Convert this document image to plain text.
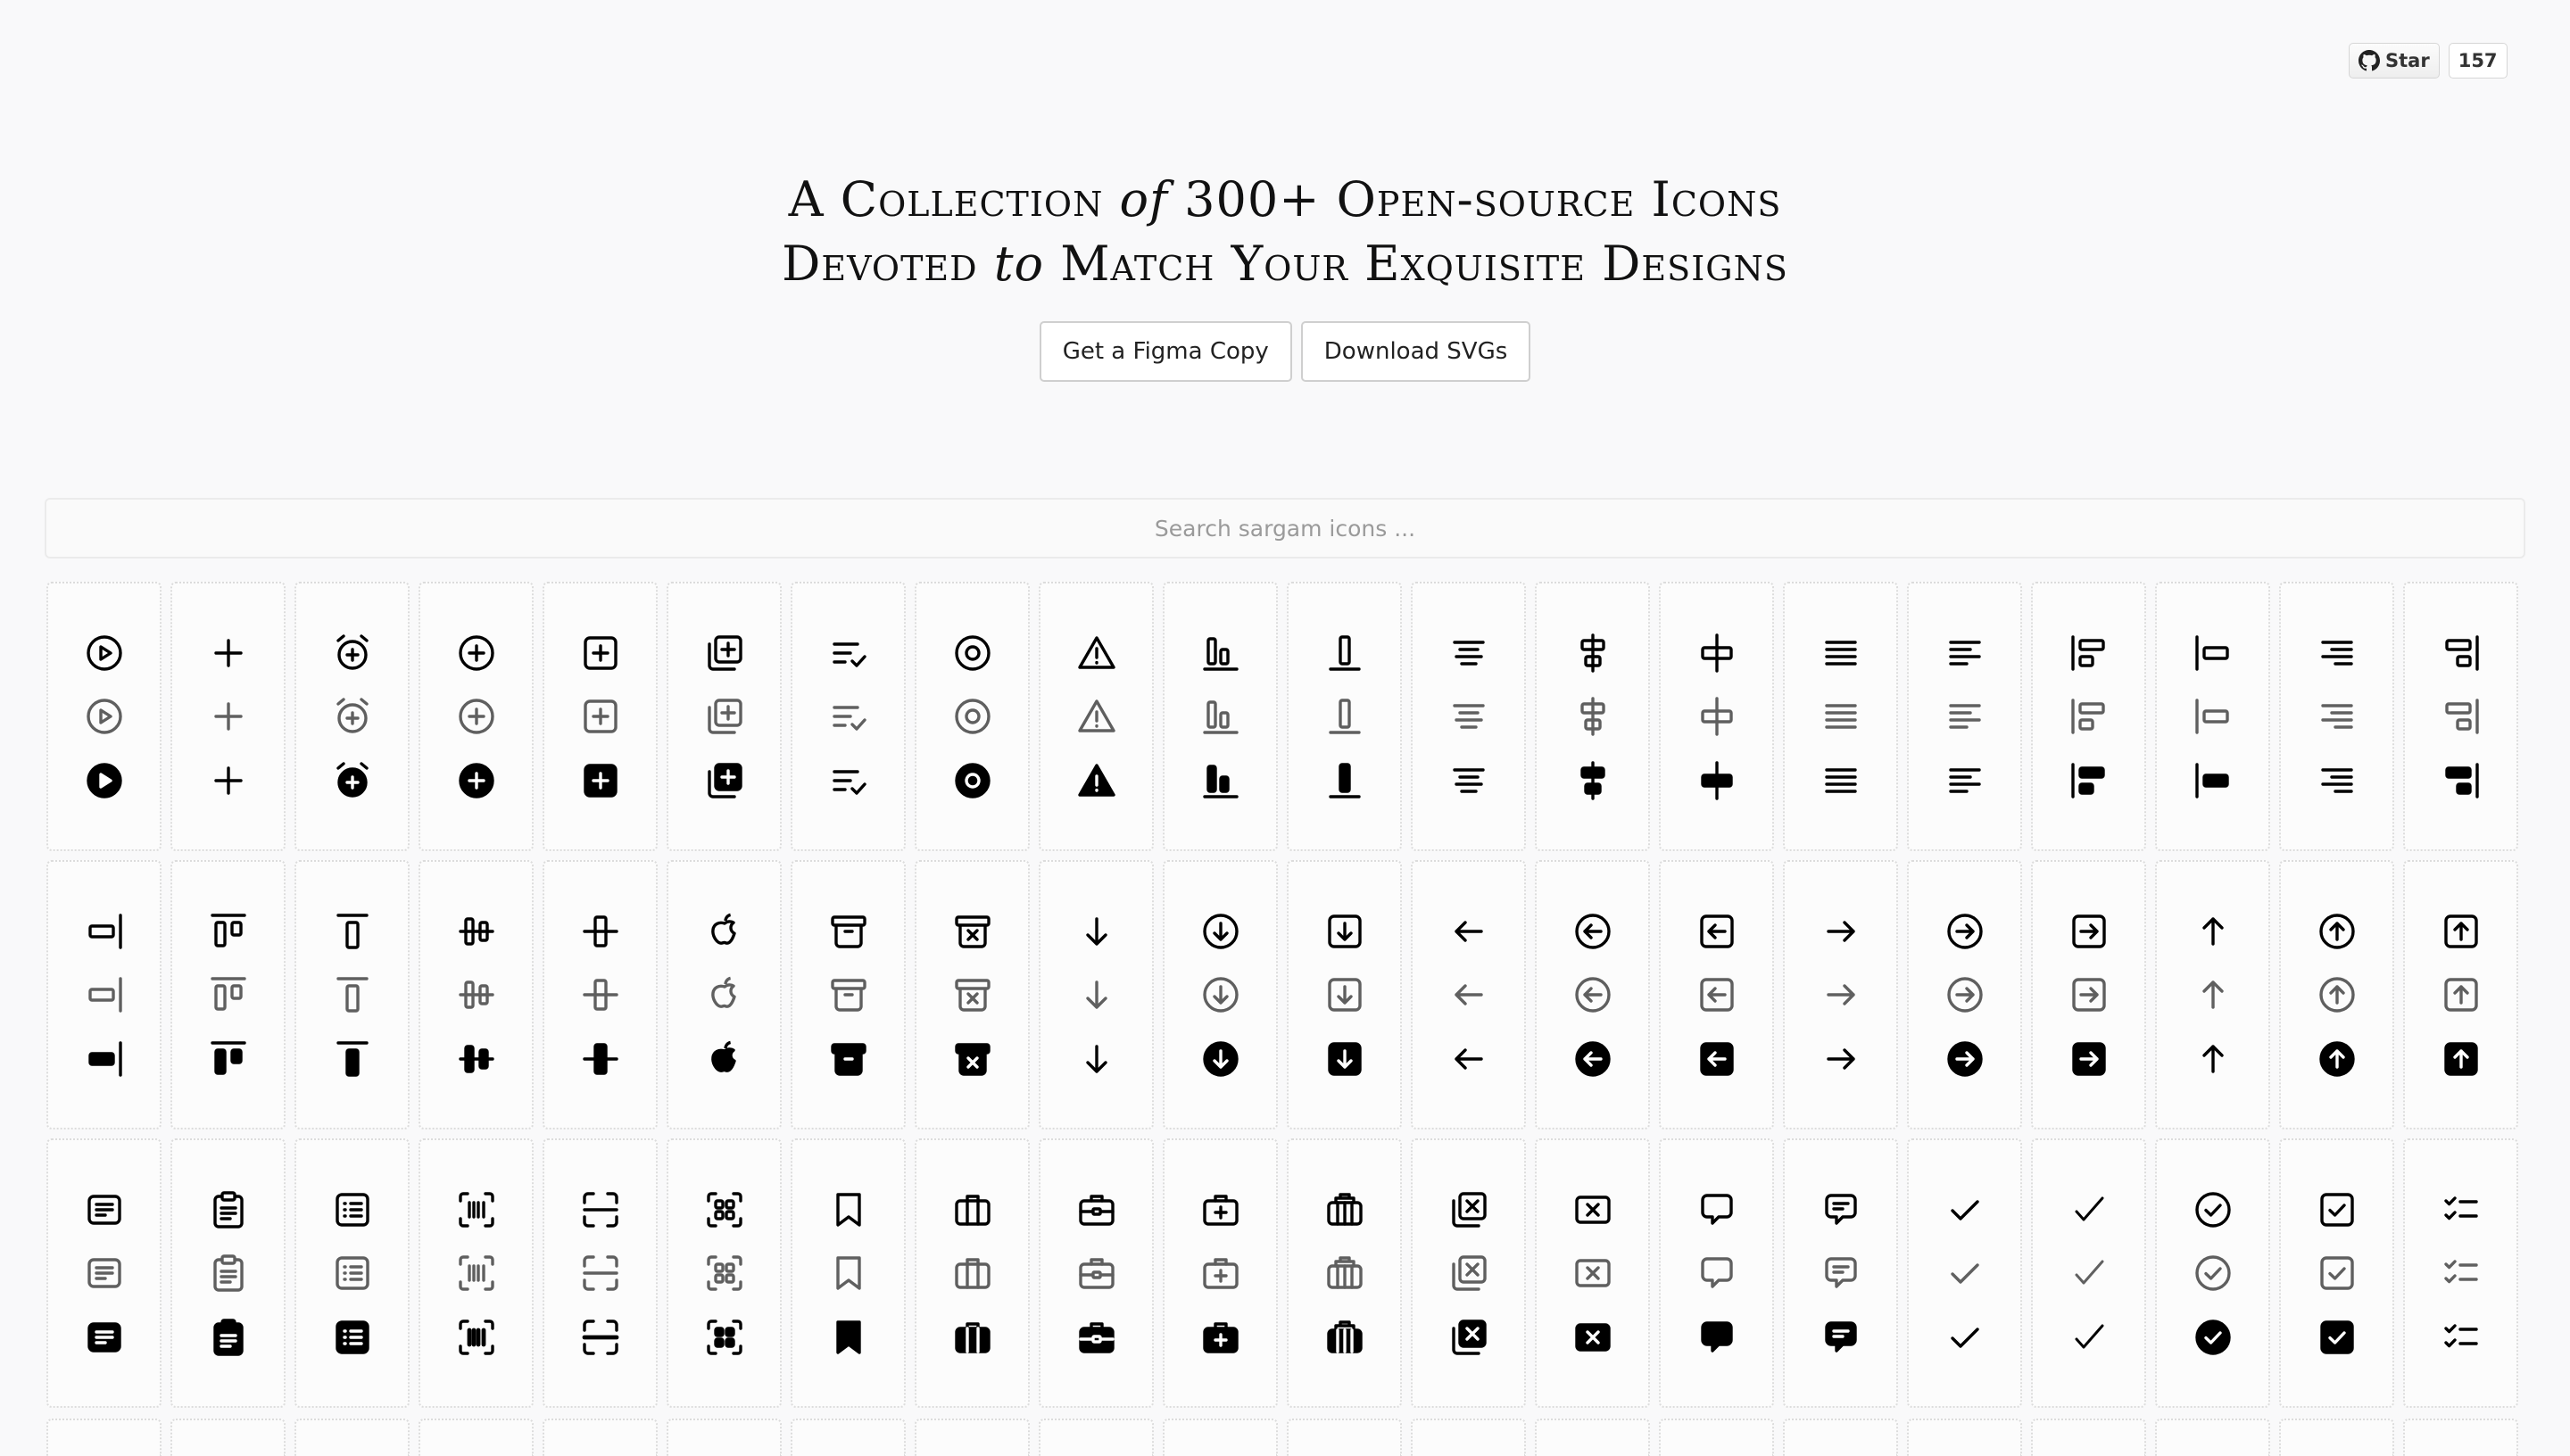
Star	157
A Collection of 300+ Open-source Icons
Devoted to Match Your Exquisite Designs
Get a Figma Copy	Download SVGs
Search sargam icons ...
